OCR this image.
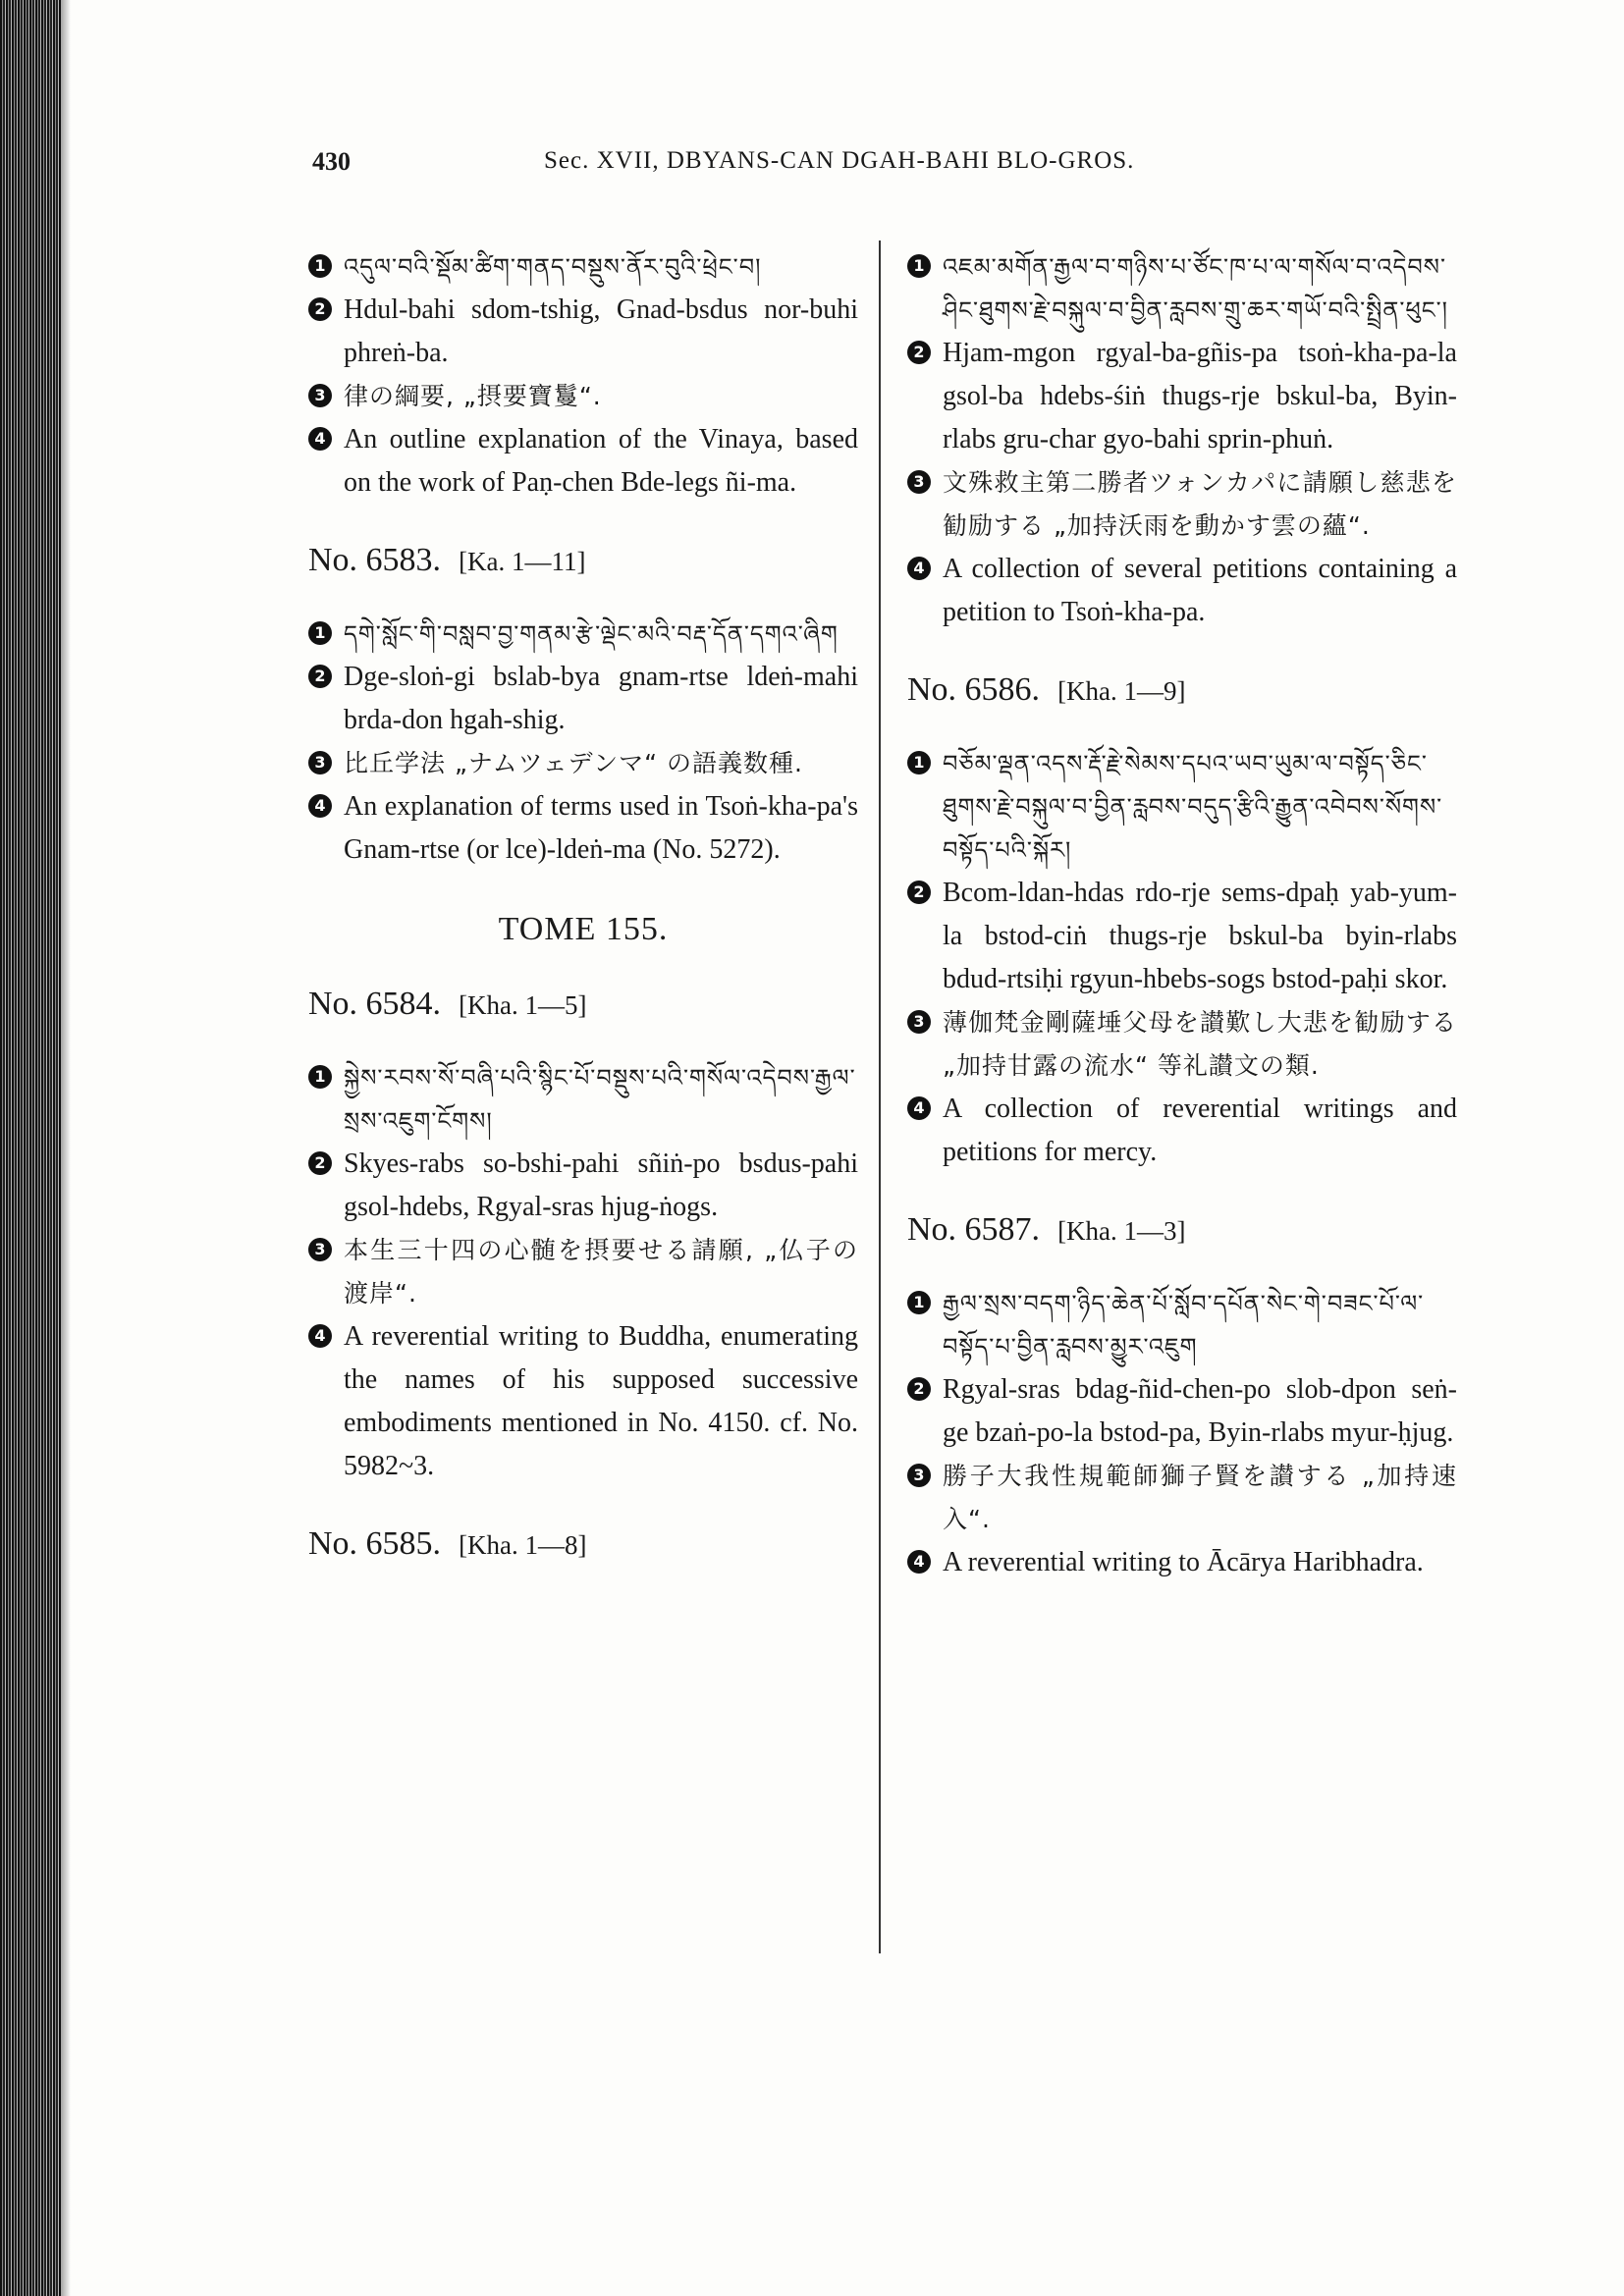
430	Sec. XVII, DBYANS-CAN DGAH-BAHI BLO-GROS.
1 འདུལ་བའི་སྡོམ་ཚིག་གནད་བསྡུས་ནོར་བུའི་ཕྲེང་བ།
2 Hdul-bahi sdom-tshig, Gnad-bsdus nor-buhi phreṅ-ba.
3 律の綱要, „摂要寶鬘“.
4 An outline explanation of the Vinaya, based on the work of Paṇ-chen Bde-legs ñi-ma.
No. 6583. [Ka. 1—11]
1 དགེ་སློང་གི་བསླབ་བྱ་གནམ་རྩེ་ལྡེང་མའི་བརྡ་དོན་དགའ་ཞིག
2 Dge-sloṅ-gi bslab-bya gnam-rtse ldeṅ-mahi brda-don hgah-shig.
3 比丘学法 „ナムツェデンマ“ の語義数種.
4 An explanation of terms used in Tsoṅ-kha-pa's Gnam-rtse (or lce)-ldeṅ-ma (No. 5272).
TOME 155.
No. 6584. [Kha. 1—5]
1 སྐྱེས་རབས་སོ་བཞི་པའི་སྙིང་པོ་བསྡུས་པའི་གསོལ་འདེབས་རྒྱལ་སྲས་འཇུག་ངོགས།
2 Skyes-rabs so-bshi-pahi sñiṅ-po bsdus-pahi gsol-hdebs, Rgyal-sras hjug-ṅogs.
3 本生三十四の心髄を摂要せる請願, „仏子の渡岸“.
4 A reverential writing to Buddha, enumerating the names of his supposed successive embodiments mentioned in No. 4150. cf. No. 5982~3.
No. 6585. [Kha. 1—8]
1 འཇམ་མགོན་རྒྱལ་བ་གཉིས་པ་ཙོང་ཁ་པ་ལ་གསོལ་བ་འདེབས་ཤིང་ཐུགས་རྗེ་བསྐུལ་བ་བྱིན་རླབས་གྲུ་ཆར་གཡོ་བའི་སྤྲིན་ཕུང་།
2 Hjam-mgon rgyal-ba-gñis-pa tsoṅ-kha-pa-la gsol-ba hdebs-śiṅ thugs-rje bskul-ba, Byin-rlabs gru-char gyo-bahi sprin-phuṅ.
3 文殊救主第二勝者ツォンカパに請願し慈悲を勧励する „加持沃雨を動かす雲の蘊“.
4 A collection of several petitions containing a petition to Tsoṅ-kha-pa.
No. 6586. [Kha. 1—9]
1 བཅོམ་ལྡན་འདས་རྡོ་རྗེ་སེམས་དཔའ་ཡབ་ཡུམ་ལ་བསྟོད་ཅིང་ཐུགས་རྗེ་བསྐུལ་བ་བྱིན་རླབས་བདུད་རྩིའི་རྒྱུན་འབེབས་སོགས་བསྟོད་པའི་སྐོར།
2 Bcom-ldan-hdas rdo-rje sems-dpaḥ yab-yum-la bstod-ciṅ thugs-rje bskul-ba byin-rlabs bdud-rtsiḥi rgyun-hbebs-sogs bstod-paḥi skor.
3 薄伽梵金剛薩埵父母を讃歎し大悲を勧励する „加持甘露の流水“ 等礼讃文の類.
4 A collection of reverential writings and petitions for mercy.
No. 6587. [Kha. 1—3]
1 རྒྱལ་སྲས་བདག་ཉིད་ཆེན་པོ་སློབ་དཔོན་སེང་གེ་བཟང་པོ་ལ་བསྟོད་པ་བྱིན་རླབས་མྱུར་འཇུག
2 Rgyal-sras bdag-ñid-chen-po slob-dpon seṅ-ge bzaṅ-po-la bstod-pa, Byin-rlabs myur-ḥjug.
3 勝子大我性規範師獅子賢を讃する „加持速入“.
4 A reverential writing to Ācārya Haribhadra.
